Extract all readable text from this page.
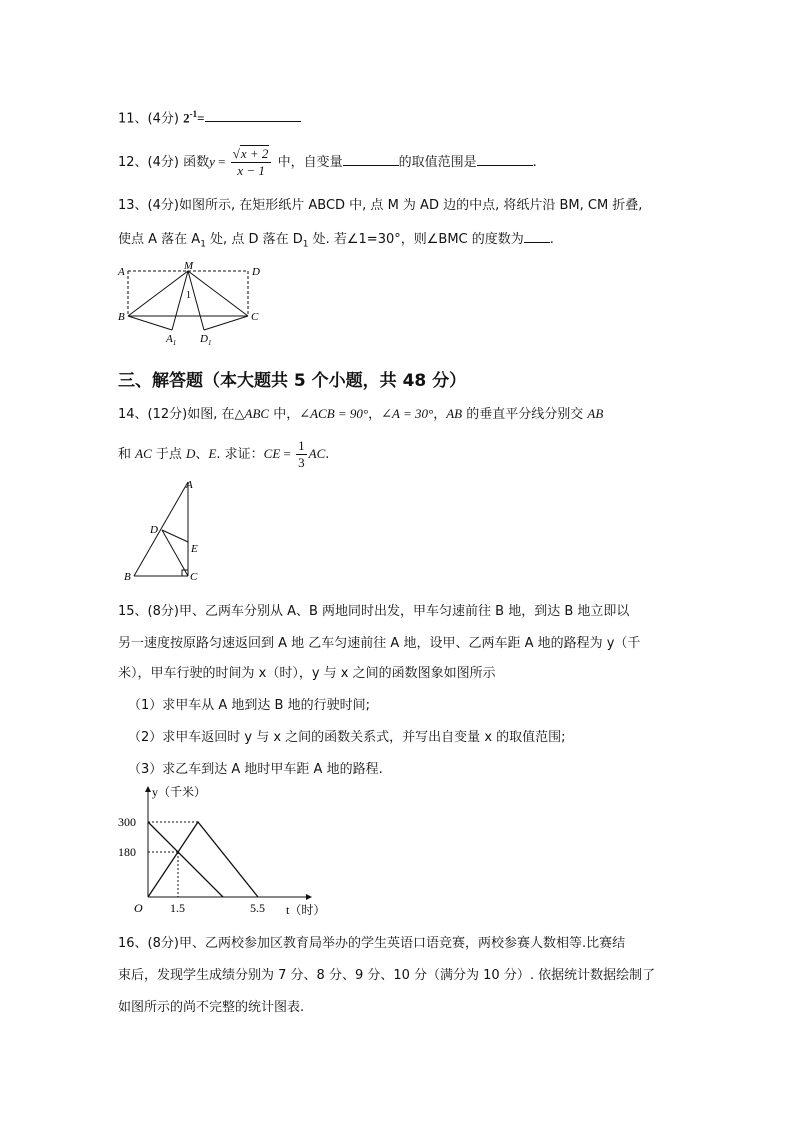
11、(4分) $2^{-1}=$
12、(4分) 函数$y = \frac{√x + 2}{x - 1}$ 中，自变量	的取值范围是	.
13、(4分)如图所示, 在矩形纸片 ABCD 中, 点 M 为 AD 边的中点, 将纸片沿 BM, CM 折叠,
使点 A 落在 $A_1$ 处, 点 D 落在 $D_1$ 处. 若∠1=30°，则∠BMC 的度数为 .
A	M	D
1
B	C
$A_1$ $D_1$
三、解答题（本大题共 5 个小题，共 48 分）
14、(12分)如图, 在△ABC 中，∠ACB = 90°，∠A = 30°，AB 的垂直平分线分别交 AB
和 AC 于点 D、E. 求证：CE = $\frac{1}{3}$ AC.
A
D
E
B	C
15、(8分)甲、乙两车分别从 A、B 两地同时出发，甲车匀速前往 B 地，到达 B 地立即以
另一速度按原路匀速返回到 A 地 乙车匀速前往 A 地，设甲、乙两车距 A 地的路程为 y（千
米），甲车行驶的时间为 x（时），y 与 x 之间的函数图象如图所示
（1）求甲车从 A 地到达 B 地的行驶时间;
（2）求甲车返回时 y 与 x 之间的函数关系式，并写出自变量 x 的取值范围;
（3）求乙车到达 A 地时甲车距 A 地的路程.
y（千米）
t（时）
O
300
180
1.5	5.5
16、(8分)甲、乙两校参加区教育局举办的学生英语口语竞赛，两校参赛人数相等.比赛结
束后，发现学生成绩分别为 7 分、8 分、9 分、10 分（满分为 10 分）. 依据统计数据绘制了
如图所示的尚不完整的统计图表.
